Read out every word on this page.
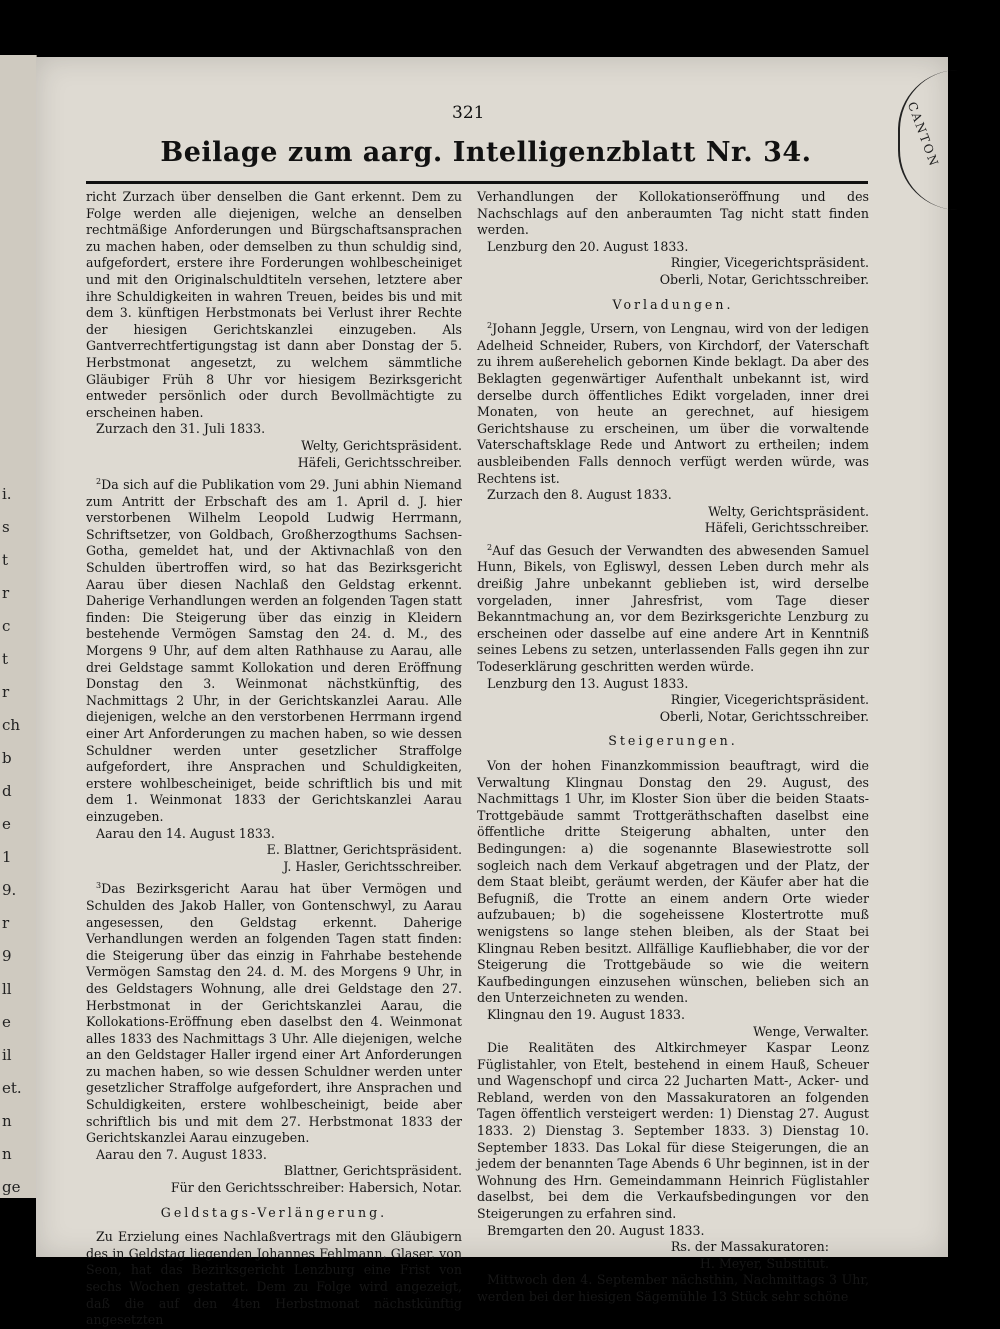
i.
s
t
r
c
t
r
ch
b
d
e
1
9.
r
9
ll
e
il
et.
n
n
ge
321
Beilage zum aarg. Intelligenzblatt Nr. 34.

richt Zurzach über denselben die Gant erkennt. Dem zu Folge werden alle diejenigen, welche an denselben rechtmäßige Anforderungen und Bürgschaftsansprachen zu machen haben, oder demselben zu thun schuldig sind, aufgefordert, erstere ihre Forderungen wohlbescheiniget und mit den Originalschuldtiteln versehen, letztere aber ihre Schuldigkeiten in wahren Treuen, beides bis und mit dem 3. künftigen Herbstmonats bei Verlust ihrer Rechte der hiesigen Gerichtskanzlei einzugeben. Als Gantverrechtfertigungstag ist dann aber Donstag der 5. Herbstmonat angesetzt, zu welchem sämmtliche Gläubiger Früh 8 Uhr vor hiesigem Bezirksgericht entweder persönlich oder durch Bevollmächtigte zu erscheinen haben.

Zurzach den 31. Juli 1833.

Welty, Gerichtspräsident.

Häfeli, Gerichtsschreiber.

$^2$Da sich auf die Publikation vom 29. Juni abhin Niemand zum Antritt der Erbschaft des am 1. April d. J. hier verstorbenen Wilhelm Leopold Ludwig Herrmann, Schriftsetzer, von Goldbach, Großherzogthums Sachsen-Gotha, gemeldet hat, und der Aktivnachlaß von den Schulden übertroffen wird, so hat das Bezirksgericht Aarau über diesen Nachlaß den Geldstag erkennt. Daherige Verhandlungen werden an folgenden Tagen statt finden: Die Steigerung über das einzig in Kleidern bestehende Vermögen Samstag den 24. d. M., des Morgens 9 Uhr, auf dem alten Rathhause zu Aarau, alle drei Geldstage sammt Kollokation und deren Eröffnung Donstag den 3. Weinmonat nächstkünftig, des Nachmittags 2 Uhr, in der Gerichtskanzlei Aarau. Alle diejenigen, welche an den verstorbenen Herrmann irgend einer Art Anforderungen zu machen haben, so wie dessen Schuldner werden unter gesetzlicher Straffolge aufgefordert, ihre Ansprachen und Schuldigkeiten, erstere wohlbescheiniget, beide schriftlich bis und mit dem 1. Weinmonat 1833 der Gerichtskanzlei Aarau einzugeben.

Aarau den 14. August 1833.

E. Blattner, Gerichtspräsident.

J. Hasler, Gerichtsschreiber.

$^3$Das Bezirksgericht Aarau hat über Vermögen und Schulden des Jakob Haller, von Gontenschwyl, zu Aarau angesessen, den Geldstag erkennt. Daherige Verhandlungen werden an folgenden Tagen statt finden: die Steigerung über das einzig in Fahrhabe bestehende Vermögen Samstag den 24. d. M. des Morgens 9 Uhr, in des Geldstagers Wohnung, alle drei Geldstage den 27. Herbstmonat in der Gerichtskanzlei Aarau, die Kollokations-Eröffnung eben daselbst den 4. Weinmonat alles 1833 des Nachmittags 3 Uhr. Alle diejenigen, welche an den Geldstager Haller irgend einer Art Anforderungen zu machen haben, so wie dessen Schuldner werden unter gesetzlicher Straffolge aufgefordert, ihre Ansprachen und Schuldigkeiten, erstere wohlbescheinigt, beide aber schriftlich bis und mit dem 27. Herbstmonat 1833 der Gerichtskanzlei Aarau einzugeben.

Aarau den 7. August 1833.

Blattner, Gerichtspräsident.

Für den Gerichtsschreiber: Habersich, Notar.

Geldstags-Verlängerung.

Zu Erzielung eines Nachlaßvertrags mit den Gläubigern des in Geldstag liegenden Johannes Fehlmann, Glaser, von Seon, hat das Bezirksgericht Lenzburg eine Frist von sechs Wochen gestattet. Dem zu Folge wird angezeigt, daß die auf den 4ten Herbstmonat nächstkünftig angesetzten

Verhandlungen der Kollokationseröffnung und des Nachschlags auf den anberaumten Tag nicht statt finden werden.

Lenzburg den 20. August 1833.

Ringier, Vicegerichtspräsident.

Oberli, Notar, Gerichtsschreiber.

Vorladungen.

$^2$Johann Jeggle, Ursern, von Lengnau, wird von der ledigen Adelheid Schneider, Rubers, von Kirchdorf, der Vaterschaft zu ihrem außerehelich gebornen Kinde beklagt. Da aber des Beklagten gegenwärtiger Aufenthalt unbekannt ist, wird derselbe durch öffentliches Edikt vorgeladen, inner drei Monaten, von heute an gerechnet, auf hiesigem Gerichtshause zu erscheinen, um über die vorwaltende Vaterschaftsklage Rede und Antwort zu ertheilen; indem ausbleibenden Falls dennoch verfügt werden würde, was Rechtens ist.

Zurzach den 8. August 1833.

Welty, Gerichtspräsident.

Häfeli, Gerichtsschreiber.

$^2$Auf das Gesuch der Verwandten des abwesenden Samuel Hunn, Bikels, von Egliswyl, dessen Leben durch mehr als dreißig Jahre unbekannt geblieben ist, wird derselbe vorgeladen, inner Jahresfrist, vom Tage dieser Bekanntmachung an, vor dem Bezirksgerichte Lenzburg zu erscheinen oder dasselbe auf eine andere Art in Kenntniß seines Lebens zu setzen, unterlassenden Falls gegen ihn zur Todeserklärung geschritten werden würde.

Lenzburg den 13. August 1833.

Ringier, Vicegerichtspräsident.

Oberli, Notar, Gerichtsschreiber.

Steigerungen.

Von der hohen Finanzkommission beauftragt, wird die Verwaltung Klingnau Donstag den 29. August, des Nachmittags 1 Uhr, im Kloster Sion über die beiden Staats-Trottgebäude sammt Trottgeräthschaften daselbst eine öffentliche dritte Steigerung abhalten, unter den Bedingungen: a) die sogenannte Blasewiestrotte soll sogleich nach dem Verkauf abgetragen und der Platz, der dem Staat bleibt, geräumt werden, der Käufer aber hat die Befugniß, die Trotte an einem andern Orte wieder aufzubauen; b) die sogeheissene Klostertrotte muß wenigstens so lange stehen bleiben, als der Staat bei Klingnau Reben besitzt. Allfällige Kaufliebhaber, die vor der Steigerung die Trottgebäude so wie die weitern Kaufbedingungen einzusehen wünschen, belieben sich an den Unterzeichneten zu wenden.

Klingnau den 19. August 1833.

Wenge, Verwalter.

Die Realitäten des Altkirchmeyer Kaspar Leonz Füglistahler, von Etelt, bestehend in einem Hauß, Scheuer und Wagenschopf und circa 22 Jucharten Matt-, Acker- und Rebland, werden von den Massakuratoren an folgenden Tagen öffentlich versteigert werden: 1) Dienstag 27. August 1833. 2) Dienstag 3. September 1833. 3) Dienstag 10. September 1833. Das Lokal für diese Steigerungen, die an jedem der benannten Tage Abends 6 Uhr beginnen, ist in der Wohnung des Hrn. Gemeindammann Heinrich Füglistahler daselbst, bei dem die Verkaufsbedingungen vor den Steigerungen zu erfahren sind.

Bremgarten den 20. August 1833.

Rs. der Massakuratoren:

H. Meyer, Substitut.

Mittwoch den 4. September nächsthin, Nachmittags 3 Uhr, werden bei der hiesigen Sägemühle 13 Stück sehr schöne

CANTON
